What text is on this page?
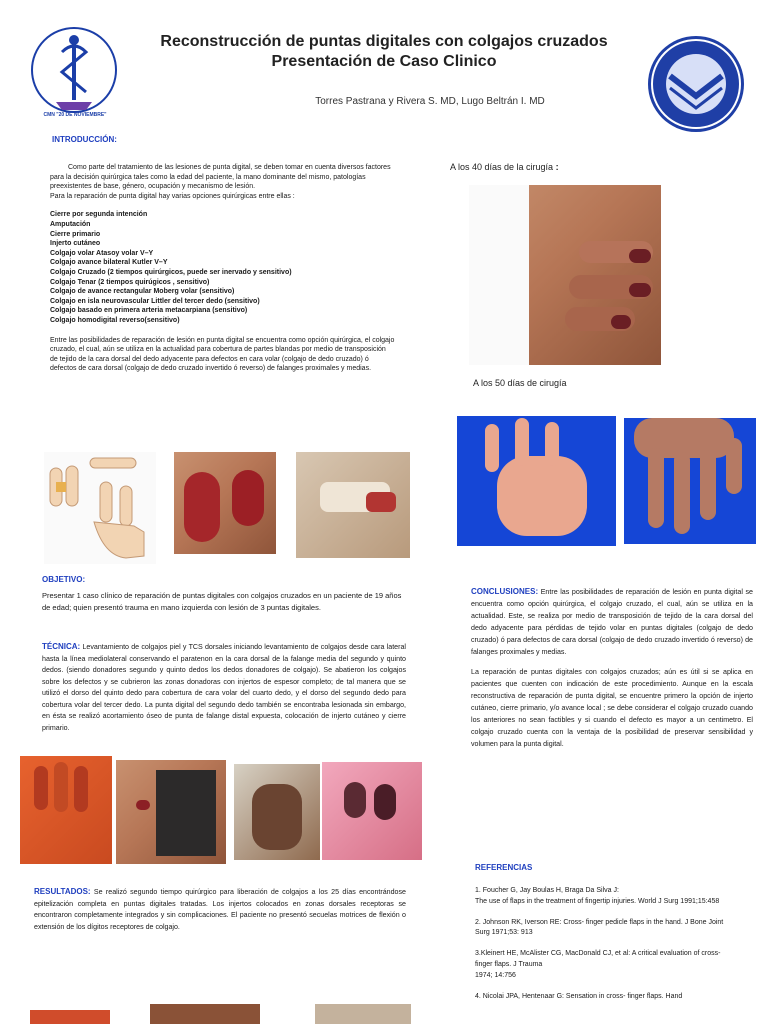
CMN "20 DE NOVIEMBRE"
Reconstrucción de puntas digitales con colgajos cruzados
Presentación de Caso Clinico
Torres Pastrana y Rivera S. MD, Lugo Beltrán I. MD
INTRODUCCIÓN:

Como parte del tratamiento de las lesiones de punta digital, se deben tomar en cuenta diversos factores para la decisión quirúrgica tales como la edad del paciente, la mano dominante del mismo, patologías preexistentes de base, género, ocupación y mecanismo de lesión.

Para la reparación de punta digital hay varias opciones quirúrgicas entre ellas :

Cierre por segunda intención
Amputación
Cierre primario
Injerto cutáneo
Colgajo volar Atasoy volar V–Y
Colgajo avance bilateral Kutler V–Y
Colgajo Cruzado (2 tiempos quirúrgicos, puede ser inervado y sensitivo)
Colgajo Tenar (2 tiempos quirúgicos , sensitivo)
Colgajo de avance rectangular Moberg volar (sensitivo)
Colgajo en isla neurovascular Littler del tercer dedo (sensitivo)
Colgajo basado en primera arteria metacarpiana (sensitivo)
Colgajo homodigital reverso(sensitivo)

Entre las posibilidades de reparación de lesión en punta digital se encuentra como opción quirúrgica, el colgajo cruzado, el cual, aún se utiliza en la actualidad para cobertura de partes blandas por medio de transposición de tejido de la cara dorsal del dedo adyacente para defectos en cara volar (colgajo de dedo cruzado) ó defectos de cara dorsal (colgajo de dedo cruzado invertido ó reverso) de falanges proximales y medias.

OBJETIVO:
Presentar 1 caso clínico de reparación de puntas digitales con colgajos cruzados en un paciente de 19 años de edad; quien presentó trauma en mano izquierda con lesión de 3 puntas digitales.
TÉCNICA: Levantamiento de colgajos piel y TCS dorsales iniciando levantamiento de colgajos desde cara lateral hasta la línea mediolateral conservando el paratenon en la cara dorsal de la falange media del segundo y quinto dedos. (siendo donadores segundo y quinto dedos los dedos donadores de colgajo). Se abatieron los colgajos sobre los defectos y se cubrieron las zonas donadoras con injertos de espesor completo; de tal manera que se utilizó el dorso del quinto dedo para cobertura de cara volar del cuarto dedo, y el dorso del segundo dedo para cobertura volar del tercer dedo. La punta digital del segundo dedo también se encontraba lesionada sin embargo, en ésta se realizó acortamiento óseo de punta de falange distal expuesta, colocación de injerto cutáneo y cierre primario.
RESULTADOS: Se realizó segundo tiempo quirúrgico para liberación de colgajos a los 25 días encontrándose epitelización completa en puntas digitales tratadas. Los injertos colocados en zonas dorsales receptoras se encontraron completamente integrados y sin complicaciones. El paciente no presentó secuelas motrices de flexión o extensión de los dígitos receptores de colgajo.
A los 40 días de la cirugía :
A los 50 días de cirugía

CONCLUSIONES: Entre las posibilidades de reparación de lesión en punta digital se encuentra como opción quirúrgica, el colgajo cruzado, el cual, aún se utiliza en la actualidad. Este, se realiza por medio de transposición de tejido de la cara dorsal del dedo adyacente para pérdidas de tejido volar en puntas digitales (colgajo de dedo cruzado) ó para defectos de cara dorsal (colgajo de dedo cruzado invertido ó reverso) de falanges proximales y medias.

La reparación de puntas digitales con colgajos cruzados; aún es útil si se aplica en pacientes que cuenten con indicación de este procedimiento. Aunque en la escala reconstructiva de reparación de punta digital, se encuentre primero la opción de injerto cutáneo, cierre primario, y/o avance local ; se debe considerar el colgajo cruzado cuando los anteriores no sean factibles y si cuando el defecto es mayor a un centimetro. El colgajo cruzado cuenta con la ventaja de la posibilidad de preservar sensibilidad y volumen para la punta digital.

REFERENCIAS
1. Foucher G, Jay Boulas H, Braga Da Silva J:
The use of flaps in the treatment of fingertip injuries. World J Surg 1991;15:458
2. Johnson RK, Iverson RE: Cross- finger pedicle flaps in the hand. J Bone Joint Surg 1971;53: 913
3.Kleinert HE, McAlister CG, MacDonald CJ, et al: A critical evaluation of cross-finger flaps. J Trauma
1974; 14:756
4. Nicolai JPA, Hentenaar G: Sensation in cross- finger flaps. Hand
